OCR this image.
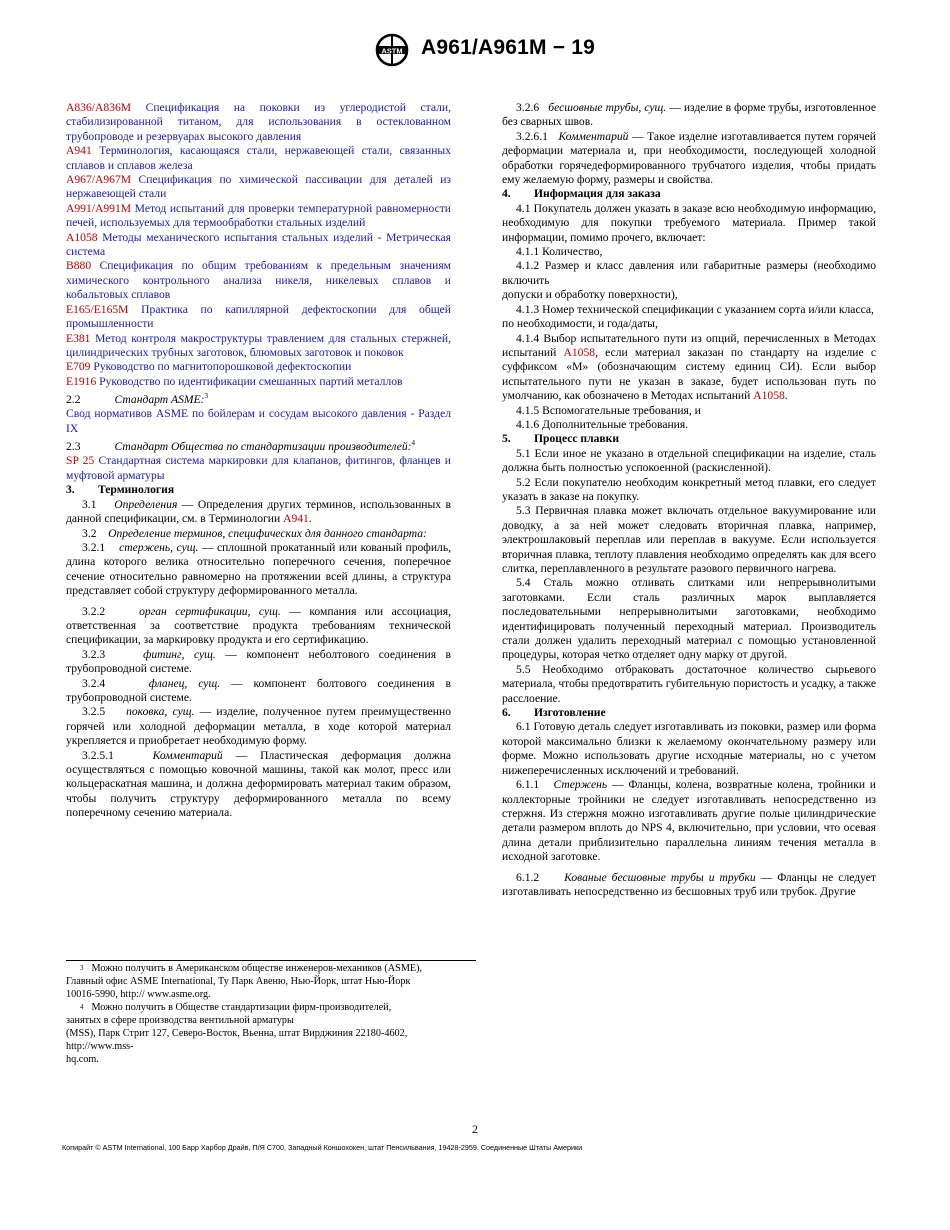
ASTM A961/A961M − 19

A836/A836M Спецификация на поковки из углеродистой стали, стабилизированной титаном, для использования в остеклованном трубопроводе и резервуарах высокого давления

A941 Терминология, касающаяся стали, нержавеющей стали, связанных сплавов и сплавов железа

A967/A967M Спецификация по химической пассивации для деталей из нержавеющей стали

A991/A991M Метод испытаний для проверки температурной равномерности печей, используемых для термообработки стальных изделий

A1058 Методы механического испытания стальных изделий - Метрическая система

B880 Спецификация по общим требованиям к предельным значениям химического контрольного анализа никеля, никелевых сплавов и кобальтовых сплавов

E165/E165M Практика по капиллярной дефектоскопии для общей промышленности

E381 Метод контроля макроструктуры травлением для стальных стержней, цилиндрических трубных заготовок, блюмовых заготовок и поковок

E709 Руководство по магнитопорошковой дефектоскопии

E1916 Руководство по идентификации смешанных партий металлов

2.2	Стандарт ASME:$^3$

Свод нормативов ASME по бойлерам и сосудам высокого давления - Раздел IX

2.3	Стандарт Общества по стандартизации производителей:$^4$

SP 25 Стандартная система маркировки для клапанов, фитингов, фланцев и муфтовой арматуры

3. Терминология

3.1 Определения — Определения других терминов, использованных в данной спецификации, см. в Терминологии A941.

3.2 Определение терминов, специфических для данного стандарта:

3.2.1 стержень, сущ. — сплошной прокатанный или кованый профиль, длина которого велика относительно поперечного сечения, поперечное сечение относительно равномерно на протяжении всей длины, а структура представляет собой структуру деформированного металла.

3.2.2	орган сертификации, сущ. — компания или ассоциация, ответственная за соответствие продукта требованиям технической спецификации, за маркировку продукта и его сертификацию.

3.2.3	фитинг, сущ. — компонент неболтового соединения в трубопроводной системе.

3.2.4	фланец, сущ. — компонент болтового соединения в трубопроводной системе.

3.2.5 поковка, сущ. — изделие, полученное путем преимущественно горячей или холодной деформации металла, в ходе которой материал укрепляется и приобретает необходимую форму.

3.2.5.1	Комментарий — Пластическая деформация должна осуществляться с помощью ковочной машины, такой как молот, пресс или кольцераскатная машина, и должна деформировать материал таким образом, чтобы получить структуру деформированного металла по всему поперечному сечению материала.

3.2.6 бесшовные трубы, сущ. — изделие в форме трубы, изготовленное без сварных швов.

3.2.6.1 Комментарий — Такое изделие изготавливается путем горячей деформации материала и, при необходимости, последующей холодной обработки горячедеформированного трубчатого изделия, чтобы придать ему желаемую форму, размеры и свойства.

4. Информация для заказа

4.1 Покупатель должен указать в заказе всю необходимую информацию, необходимую для покупки требуемого материала. Пример такой информации, помимо прочего, включает:

4.1.1 Количество,

4.1.2 Размер и класс давления или габаритные размеры (необходимо включить

допуски и обработку поверхности),

4.1.3 Номер технической спецификации с указанием сорта и/или класса,

по необходимости, и года/даты,

4.1.4 Выбор испытательного пути из опций, перечисленных в Методах испытаний A1058, если материал заказан по стандарту на изделие с суффиксом «М» (обозначающим систему единиц СИ). Если выбор испытательного пути не указан в заказе, будет использован путь по умолчанию, как обозначено в Методах испытаний A1058.

4.1.5 Вспомогательные требования, и

4.1.6 Дополнительные требования.

5. Процесс плавки

5.1 Если иное не указано в отдельной спецификации на изделие, сталь должна быть полностью успокоенной (раскисленной).

5.2 Если покупателю необходим конкретный метод плавки, его следует указать в заказе на покупку.

5.3 Первичная плавка может включать отдельное вакуумирование или доводку, а за ней может следовать вторичная плавка, например, электрошлаковый переплав или переплав в вакууме. Если используется вторичная плавка, теплоту плавления необходимо определять как для всего слитка, переплавленного в результате разового первичного нагрева.

5.4 Сталь можно отливать слитками или непрерывнолитыми заготовками. Если сталь различных марок выплавляется последовательными непрерывнолитыми заготовками, необходимо идентифицировать полученный переходный материал. Производитель стали должен удалить переходный материал с помощью установленной процедуры, которая четко отделяет одну марку от другой.

5.5 Необходимо отбраковать достаточное количество сырьевого материала, чтобы предотвратить губительную пористость и усадку, а также расслоение.

6. Изготовление

6.1 Готовую деталь следует изготавливать из поковки, размер или форма которой максимально близки к желаемому окончательному размеру или форме. Можно использовать другие исходные материалы, но с учетом нижеперечисленных исключений и требований.

6.1.1 Стержень — Фланцы, колена, возвратные колена, тройники и коллекторные тройники не следует изготавливать непосредственно из стержня. Из стержня можно изготавливать другие полые цилиндрические детали размером вплоть до NPS 4, включительно, при условии, что осевая длина детали приблизительно параллельна линиям течения металла в исходной заготовке.

6.1.2 Кованые бесшовные трубы и трубки — Фланцы не следует изготавливать непосредственно из бесшовных труб или трубок. Другие

$^3$ Можно получить в Американском обществе инженеров-механиков (ASME),

Главный офис ASME International, Ту Парк Авеню, Нью-Йорк, штат Нью-Йорк

10016-5990, http:// www.asme.org.

$^4$ Можно получить в Обществе стандартизации фирм-производителей,

занятых в сфере производства вентильной арматуры

(MSS), Парк Стрит 127, Северо-Восток, Вьенна, штат Вирджиния 22180-4602,

http://www.mss-

hq.com.

2
Копирайт © ASTM International, 100 Барр Харбор Драйв, П/Я С700, Западный Коншохокен, штат Пенсильвания, 19428-2959. Соединенные Штаты Америки
